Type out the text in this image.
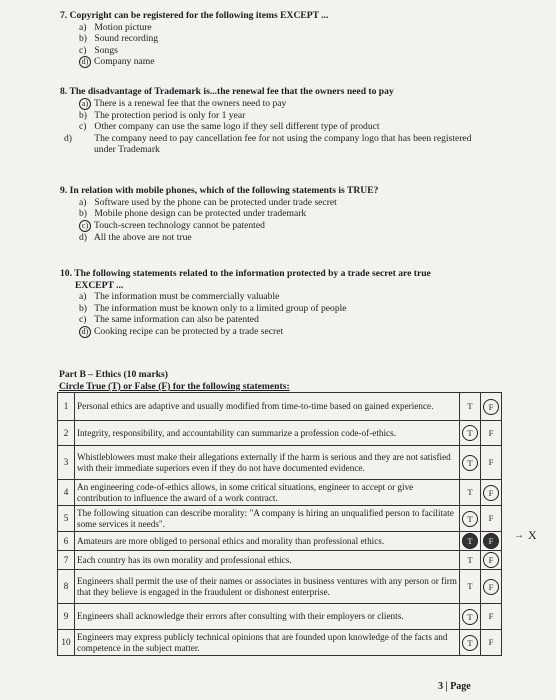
7. Copyright can be registered for the following items EXCEPT ...
a) Motion picture
b) Sound recording
c) Songs
d) Company name
8. The disadvantage of Trademark is...the renewal fee that the owners need to pay
a) There is a renewal fee that the owners need to pay
b) The protection period is only for 1 year
c) Other company can use the same logo if they sell different type of product
d) The company need to pay cancellation fee for not using the company logo that has been registered under Trademark
9. In relation with mobile phones, which of the following statements is TRUE?
a) Software used by the phone can be protected under trade secret
b) Mobile phone design can be protected under trademark
c) Touch-screen technology cannot be patented
d) All the above are not true
10. The following statements related to the information protected by a trade secret are true
EXCEPT ...
a) The information must be commercially valuable
b) The information must be known only to a limited group of people
c) The same information can also be patented
d) Cooking recipe can be protected by a trade secret
Part B – Ethics (10 marks)
Circle True (T) or False (F) for the following statements:
1	Personal ethics are adaptive and usually modified from time-to-time based on gained experience.	T	F
2	Integrity, responsibility, and accountability can summarize a profession code-of-ethics.	T	F
3	Whistleblowers must make their allegations externally if the harm is serious and they are not satisfied with their immediate superiors even if they do not have documented evidence.	T	F
4	An engineering code-of-ethics allows, in some critical situations, engineer to accept or give contribution to influence the award of a work contract.	T	F
5	The following situation can describe morality: "A company is hiring an unqualified person to facilitate some services it needs".	T	F
6	Amateurs are more obliged to personal ethics and morality than professional ethics.	T	F
7	Each country has its own morality and professional ethics.	T	F
8	Engineers shall permit the use of their names or associates in business ventures with any person or firm that they believe is engaged in the fraudulent or dishonest enterprise.	T	F
9	Engineers shall acknowledge their errors after consulting with their employers or clients.	T	F
10	Engineers may express publicly technical opinions that are founded upon knowledge of the facts and competence in the subject matter.	T	F
→ X
3 | Page
